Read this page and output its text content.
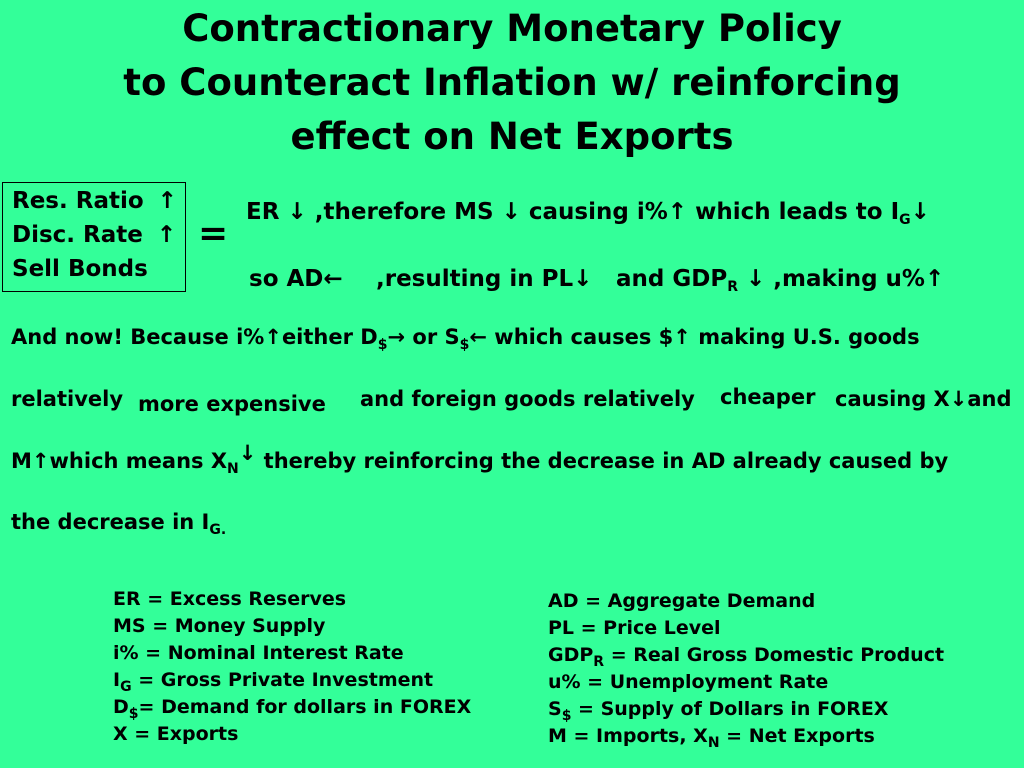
Contractionary Monetary Policy
to Counteract Inflation w/ reinforcing
effect on Net Exports
Res. Ratio ↑
Disc. Rate ↑
Sell Bonds
=
ER ↓ ,therefore MS ↓ causing i%↑ which leads to $I_G↓$
so AD← ,resulting in PL↓ and $GDP_R$ ↓ ,making u%↑
And now! Because i%↑either $D_{\$}\to$ or $S_{\$}\leftarrow$ which causes $↑ making U.S. goods
relatively more expensive and foreign goods relatively cheaper causing X↓and
M↑which means $X_N↓$ thereby reinforcing the decrease in AD already caused by
the decrease in $I_{G.}$
ER = Excess Reserves
MS = Money Supply
i% = Nominal Interest Rate
$I_G$ = Gross Private Investment
$D_{\$}=$ Demand for dollars in FOREX
X = Exports
AD = Aggregate Demand
PL = Price Level
$GDP_R$ = Real Gross Domestic Product
u% = Unemployment Rate
$S_{\$}$ = Supply of Dollars in FOREX
M = Imports, $X_N$ = Net Exports
